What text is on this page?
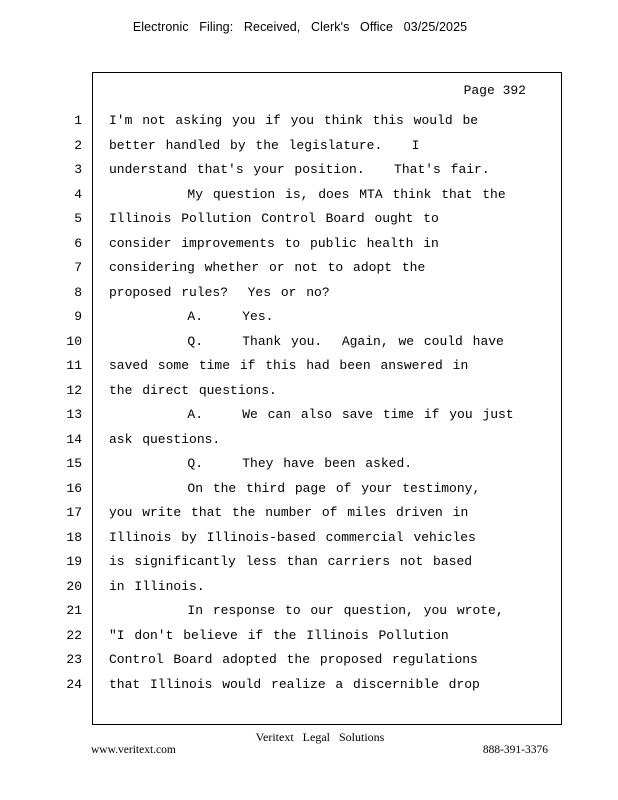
Electronic Filing: Received, Clerk's Office 03/25/2025
Page 392
1 I'm not asking you if you think this would be
2 better handled by the legislature.   I
3 understand that's your position.   That's fair.
4 My question is, does MTA think that the
5 Illinois Pollution Control Board ought to
6 consider improvements to public health in
7 considering whether or not to adopt the
8 proposed rules?  Yes or no?
9 A.    Yes.
10 Q.    Thank you.  Again, we could have
11 saved some time if this had been answered in
12 the direct questions.
13 A.    We can also save time if you just
14 ask questions.
15 Q.    They have been asked.
16 On the third page of your testimony,
17 you write that the number of miles driven in
18 Illinois by Illinois-based commercial vehicles
19 is significantly less than carriers not based
20 in Illinois.
21 In response to our question, you wrote,
22 "I don't believe if the Illinois Pollution
23 Control Board adopted the proposed regulations
24 that Illinois would realize a discernible drop
Veritext Legal Solutions
www.veritext.com	888-391-3376
